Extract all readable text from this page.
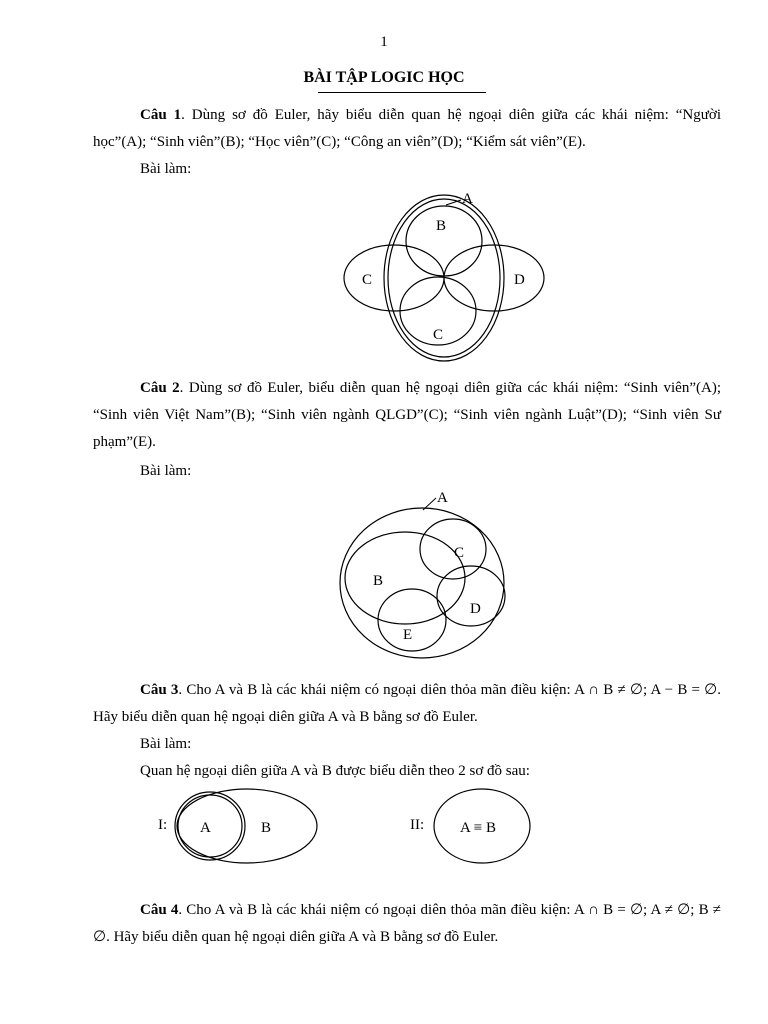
1
BÀI TẬP LOGIC HỌC
Câu 1. Dùng sơ đồ Euler, hãy biểu diễn quan hệ ngoại diên giữa các khái niệm: “Người học”(A); “Sinh viên”(B); “Học viên”(C); “Công an viên”(D); “Kiểm sát viên”(E).
Bài làm:
A
B
C	D
C
Câu 2. Dùng sơ đồ Euler, biểu diễn quan hệ ngoại diên giữa các khái niệm: “Sinh viên”(A); “Sinh viên Việt Nam”(B); “Sinh viên ngành QLGD”(C); “Sinh viên ngành Luật”(D); “Sinh viên Sư phạm”(E).
Bài làm:
A
C
B
D
E
Câu 3. Cho A và B là các khái niệm có ngoại diên thỏa mãn điều kiện: A ∩ B ≠ ∅; A − B = ∅. Hãy biểu diễn quan hệ ngoại diên giữa A và B bằng sơ đồ Euler.
Bài làm:
Quan hệ ngoại diên giữa A và B được biểu diễn theo 2 sơ đồ sau:
I: A	B	II: A ≡ B
Câu 4. Cho A và B là các khái niệm có ngoại diên thỏa mãn điều kiện: A ∩ B = ∅; A ≠ ∅; B ≠ ∅. Hãy biểu diễn quan hệ ngoại diên giữa A và B bằng sơ đồ Euler.
